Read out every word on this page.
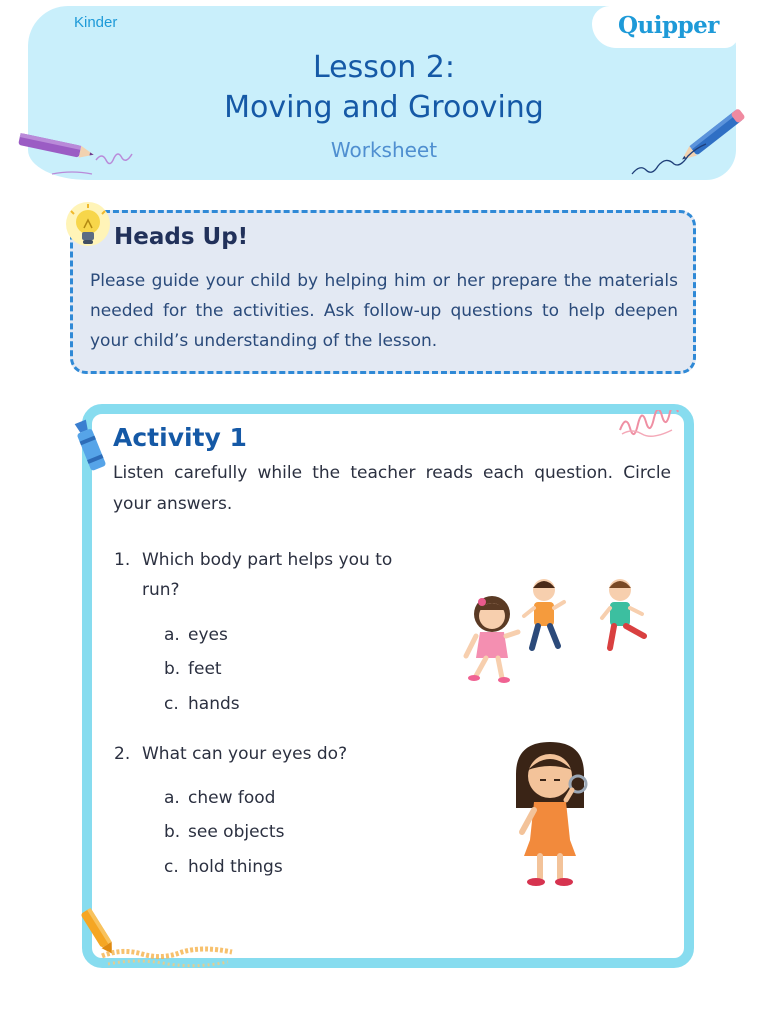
Kinder	Quipper
Lesson 2:
Moving and Grooving
Worksheet
Heads Up!
Please guide your child by helping him or her prepare the materials needed for the activities. Ask follow-up questions to help deepen your child’s understanding of the lesson.
Activity 1
Listen carefully while the teacher reads each question. Circle your answers.
1. Which body part helps you to run?
a. eyes
b. feet
c. hands
2. What can your eyes do?
a. chew food
b. see objects
c. hold things
